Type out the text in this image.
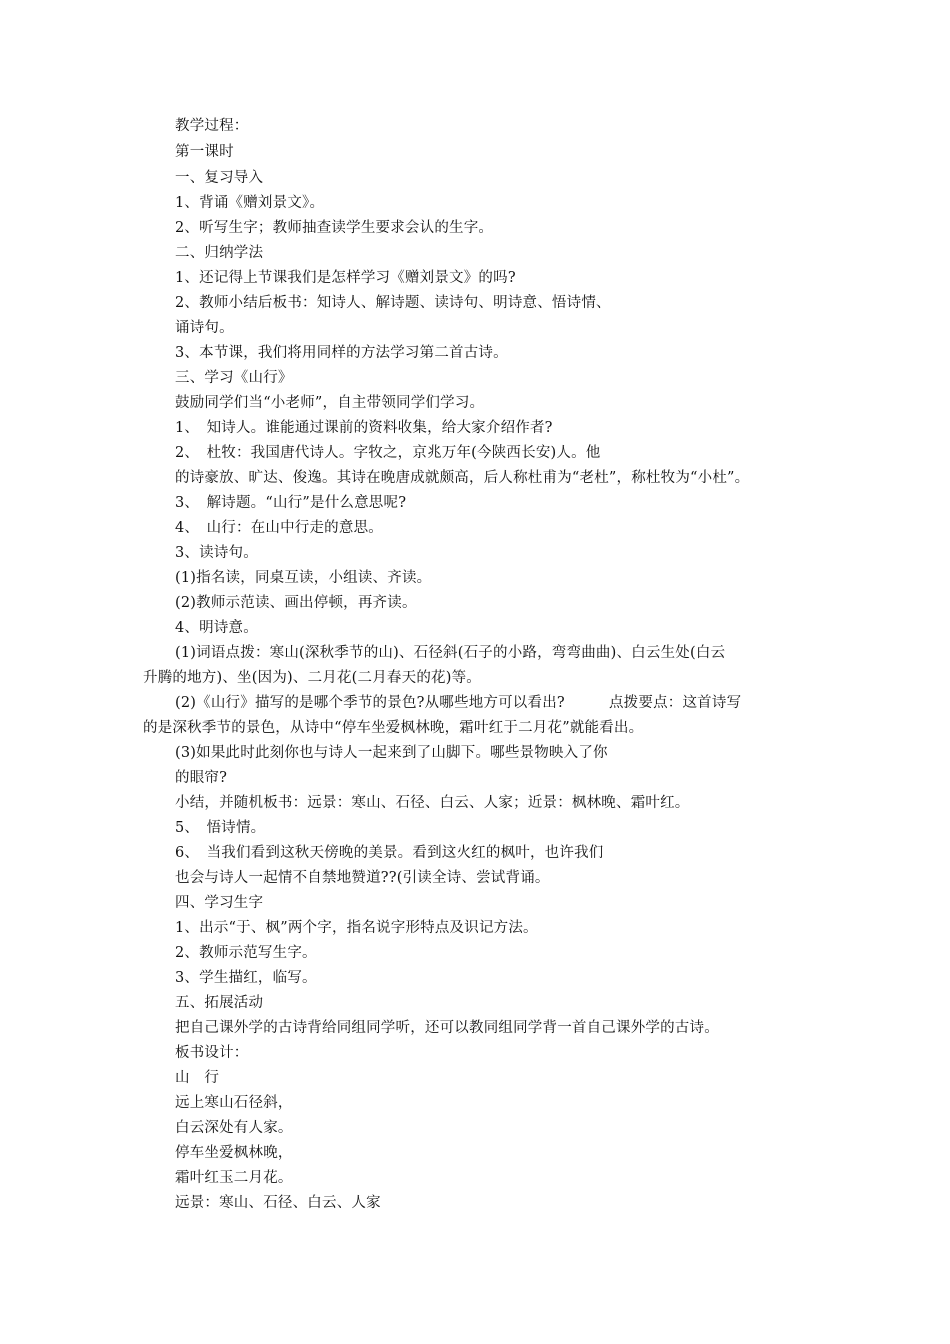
教学过程：
第一课时
一、复习导入
1、背诵《赠刘景文》。
2、听写生字；教师抽查读学生要求会认的生字。
二、归纳学法
1、还记得上节课我们是怎样学习《赠刘景文》的吗?
2、教师小结后板书：知诗人、解诗题、读诗句、明诗意、悟诗情、
诵诗句。
3、本节课，我们将用同样的方法学习第二首古诗。
三、学习《山行》
鼓励同学们当“小老师”，自主带领同学们学习。
1、　知诗人。谁能通过课前的资料收集，给大家介绍作者?
2、　杜牧：我国唐代诗人。字牧之，京兆万年(今陕西长安)人。他
的诗豪放、旷达、俊逸。其诗在晚唐成就颇高，后人称杜甫为“老杜”，称杜牧为“小杜”。
3、　解诗题。“山行”是什么意思呢?
4、　山行：在山中行走的意思。
3、读诗句。
(1)指名读，同桌互读，小组读、齐读。
(2)教师示范读、画出停顿，再齐读。
4、明诗意。
(1)词语点拨：寒山(深秋季节的山)、石径斜(石子的小路，弯弯曲曲)、白云生处(白云
升腾的地方)、坐(因为)、二月花(二月春天的花)等。
(2)《山行》描写的是哪个季节的景色?从哪些地方可以看出?　　　点拨要点：这首诗写
的是深秋季节的景色，从诗中“停车坐爱枫林晚，霜叶红于二月花”就能看出。
(3)如果此时此刻你也与诗人一起来到了山脚下。哪些景物映入了你
的眼帘?
小结，并随机板书：远景：寒山、石径、白云、人家；近景：枫林晚、霜叶红。
5、　悟诗情。
6、　当我们看到这秋天傍晚的美景。看到这火红的枫叶，也许我们
也会与诗人一起情不自禁地赞道??(引读全诗、尝试背诵。
四、学习生字
1、出示“于、枫”两个字，指名说字形特点及识记方法。
2、教师示范写生字。
3、学生描红，临写。
五、拓展活动
把自己课外学的古诗背给同组同学听，还可以教同组同学背一首自己课外学的古诗。
板书设计：
山　行
远上寒山石径斜，
白云深处有人家。
停车坐爱枫林晚，
霜叶红玉二月花。
远景：寒山、石径、白云、人家
